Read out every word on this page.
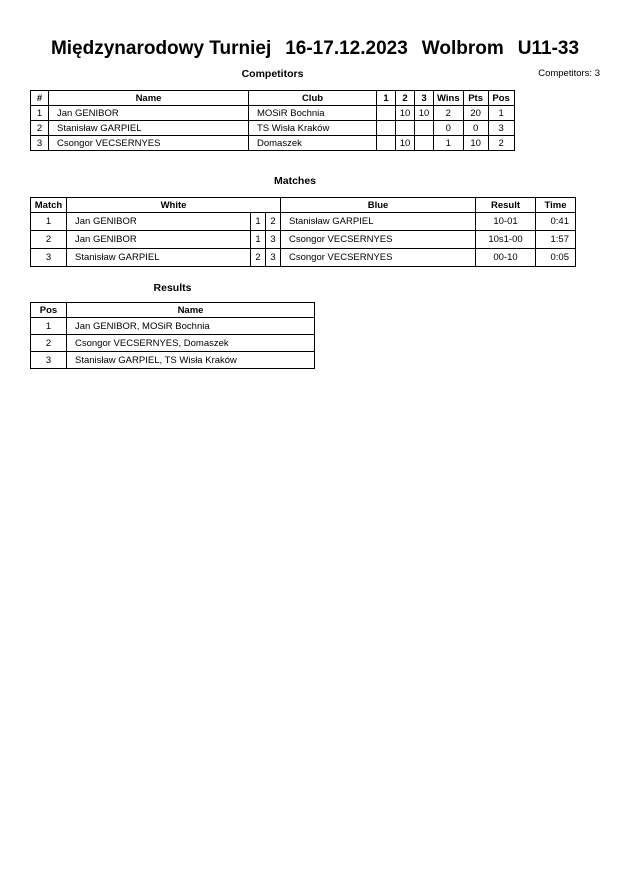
Międzynarodowy Turniej 16-17.12.2023 Wolbrom U11-33
Competitors: 3
Competitors
#	Name	Club	1	2	3	Wins	Pts	Pos
1	Jan GENIBOR	MOSiR Bochnia		10	10	2	20	1
2	Stanisław GARPIEL	TS Wisła Kraków				0	0	3
3	Csongor VECSERNYES	Domaszek		10		1	10	2
Matches
Match	White			Blue	Result	Time
1	Jan GENIBOR	1	2	Stanisław GARPIEL	10-01	0:41
2	Jan GENIBOR	1	3	Csongor VECSERNYES	10s1-00	1:57
3	Stanisław GARPIEL	2	3	Csongor VECSERNYES	00-10	0:05
Results
Pos	Name
1	Jan GENIBOR, MOSiR Bochnia
2	Csongor VECSERNYES, Domaszek
3	Stanisław GARPIEL, TS Wisła Kraków
